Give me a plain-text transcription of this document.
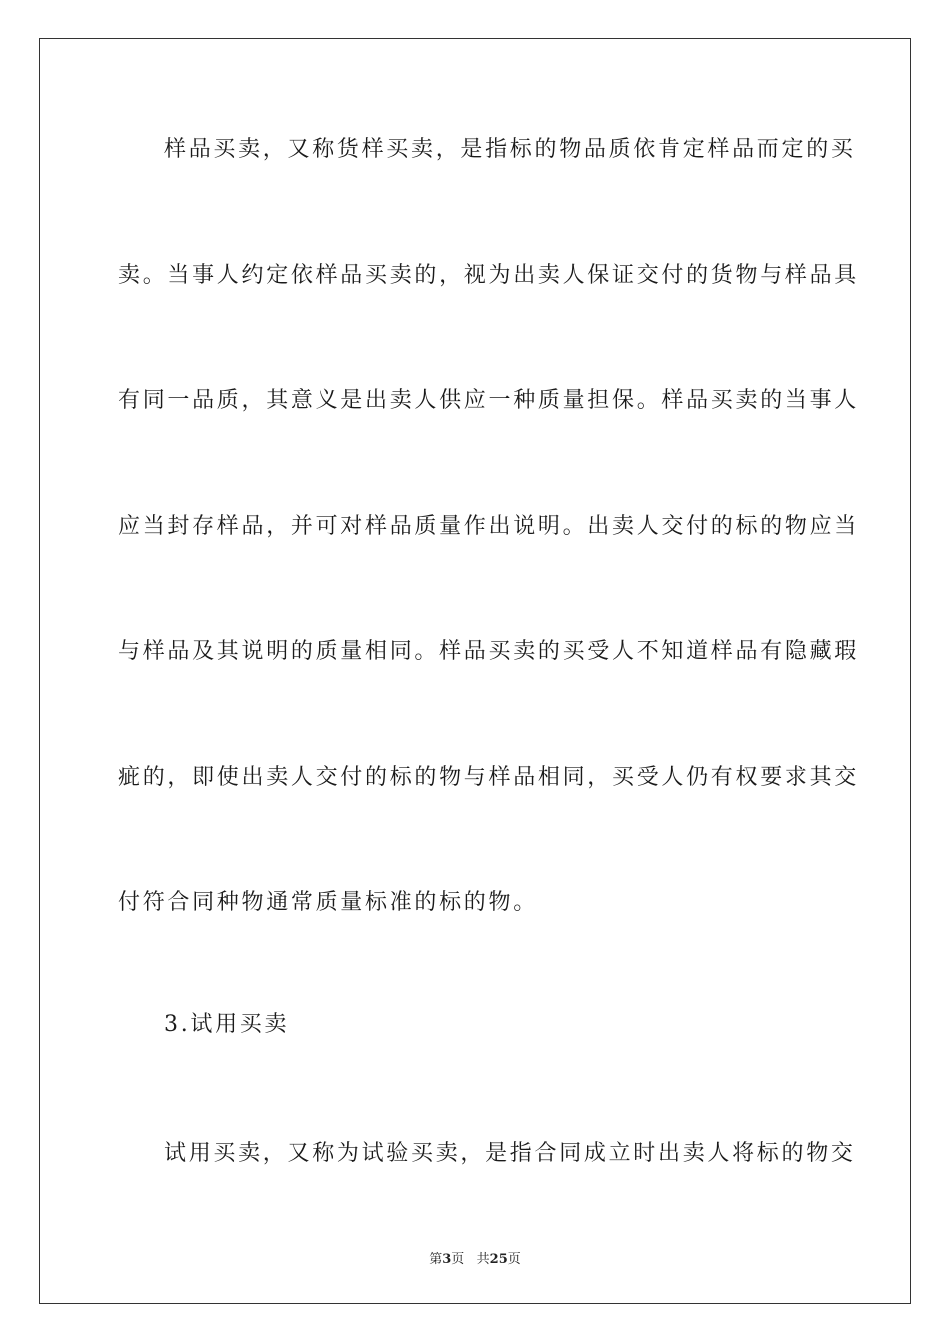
样品买卖，又称货样买卖，是指标的物品质依肯定样品而定的买
卖。当事人约定依样品买卖的，视为出卖人保证交付的货物与样品具
有同一品质，其意义是出卖人供应一种质量担保。样品买卖的当事人
应当封存样品，并可对样品质量作出说明。出卖人交付的标的物应当
与样品及其说明的质量相同。样品买卖的买受人不知道样品有隐藏瑕
疵的，即使出卖人交付的标的物与样品相同，买受人仍有权要求其交
付符合同种物通常质量标准的标的物。
3.试用买卖
试用买卖，又称为试验买卖，是指合同成立时出卖人将标的物交
第3页   共25页
